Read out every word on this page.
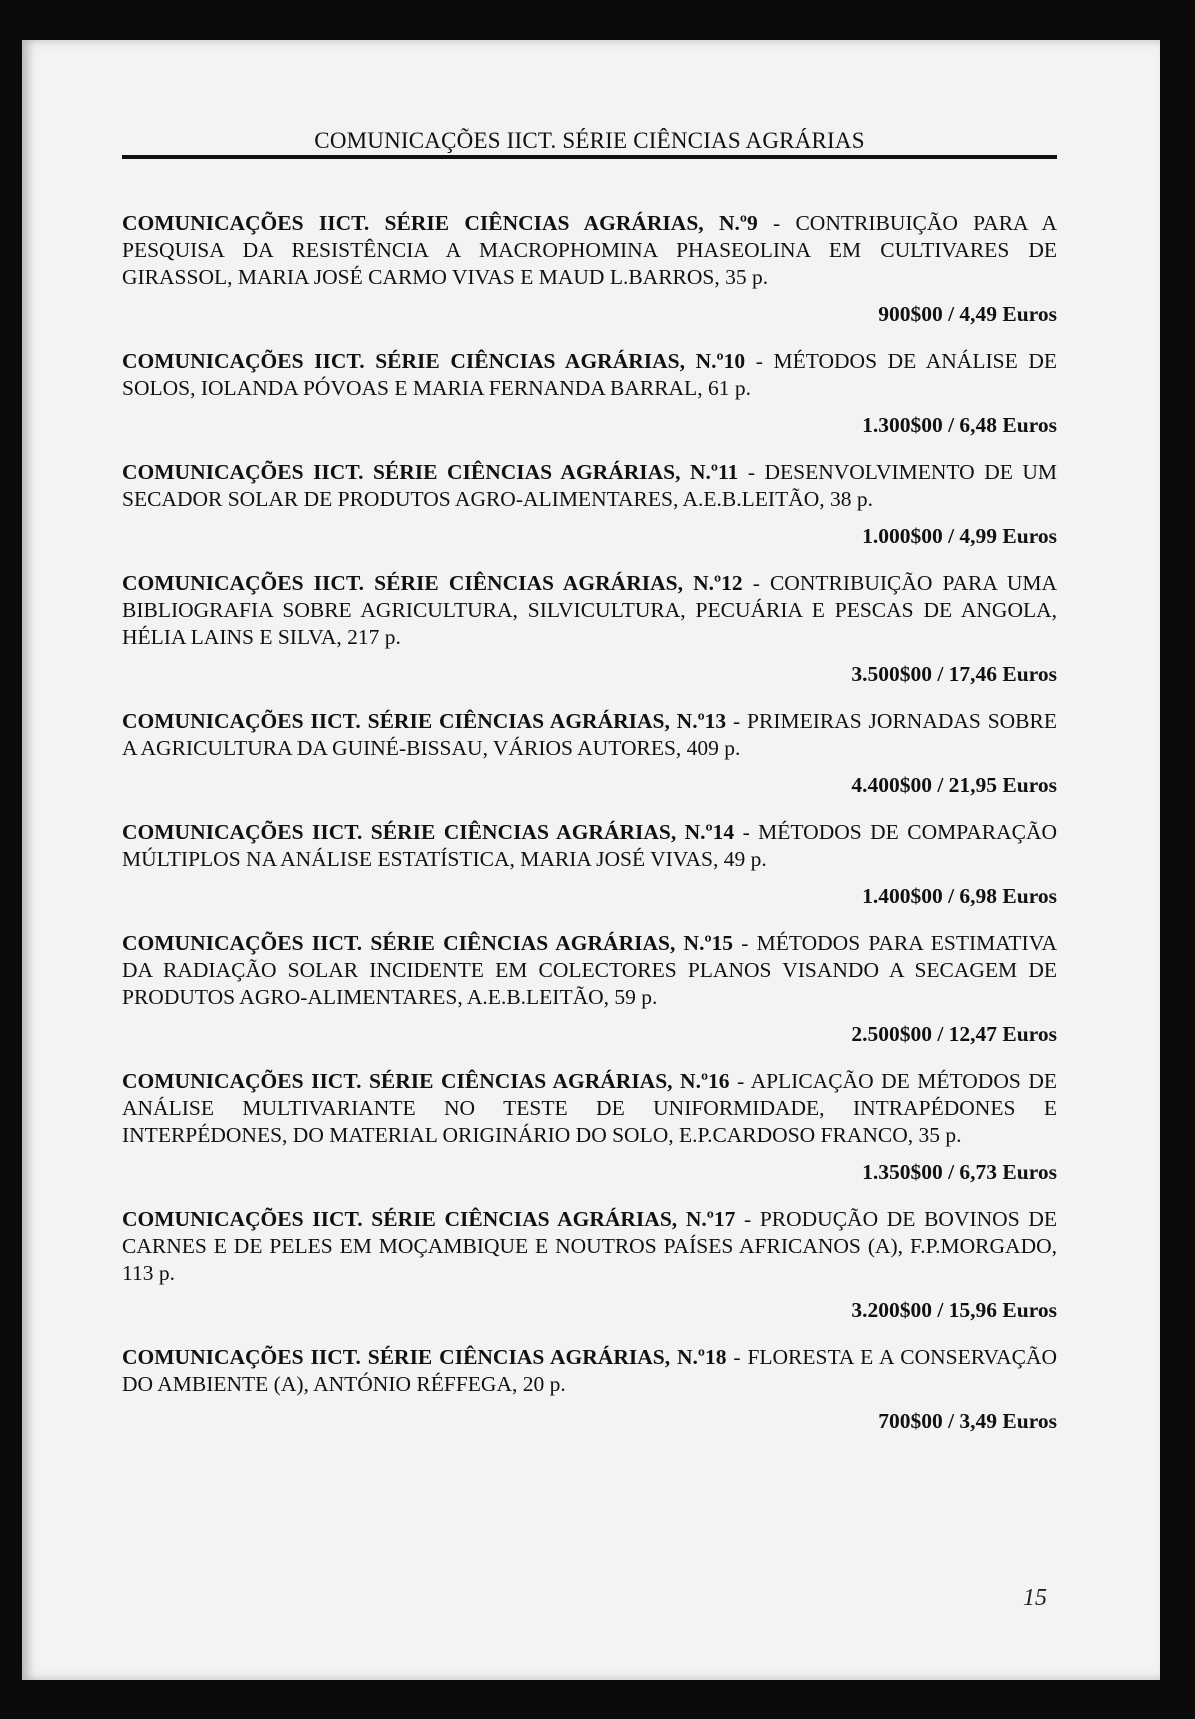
COMUNICAÇÕES IICT. SÉRIE CIÊNCIAS AGRÁRIAS

COMUNICAÇÕES IICT. SÉRIE CIÊNCIAS AGRÁRIAS, N.º9 - CONTRIBUIÇÃO PARA A PESQUISA DA RESISTÊNCIA A MACROPHOMINA PHASEOLINA EM CULTIVARES DE GIRASSOL, MARIA JOSÉ CARMO VIVAS E MAUD L.BARROS, 35 p.

900$00 / 4,49 Euros

COMUNICAÇÕES IICT. SÉRIE CIÊNCIAS AGRÁRIAS, N.º10 - MÉTODOS DE ANÁLISE DE SOLOS, IOLANDA PÓVOAS E MARIA FERNANDA BARRAL, 61 p.

1.300$00 / 6,48 Euros

COMUNICAÇÕES IICT. SÉRIE CIÊNCIAS AGRÁRIAS, N.º11 - DESENVOLVIMENTO DE UM SECADOR SOLAR DE PRODUTOS AGRO-ALIMENTARES, A.E.B.LEITÃO, 38 p.

1.000$00 / 4,99 Euros

COMUNICAÇÕES IICT. SÉRIE CIÊNCIAS AGRÁRIAS, N.º12 - CONTRIBUIÇÃO PARA UMA BIBLIOGRAFIA SOBRE AGRICULTURA, SILVICULTURA, PECUÁRIA E PESCAS DE ANGOLA, HÉLIA LAINS E SILVA, 217 p.

3.500$00 / 17,46 Euros

COMUNICAÇÕES IICT. SÉRIE CIÊNCIAS AGRÁRIAS, N.º13 - PRIMEIRAS JORNADAS SOBRE A AGRICULTURA DA GUINÉ-BISSAU, VÁRIOS AUTORES, 409 p.

4.400$00 / 21,95 Euros

COMUNICAÇÕES IICT. SÉRIE CIÊNCIAS AGRÁRIAS, N.º14 - MÉTODOS DE COMPARAÇÃO MÚLTIPLOS NA ANÁLISE ESTATÍSTICA, MARIA JOSÉ VIVAS, 49 p.

1.400$00 / 6,98 Euros

COMUNICAÇÕES IICT. SÉRIE CIÊNCIAS AGRÁRIAS, N.º15 - MÉTODOS PARA ESTIMATIVA DA RADIAÇÃO SOLAR INCIDENTE EM COLECTORES PLANOS VISANDO A SECAGEM DE PRODUTOS AGRO-ALIMENTARES, A.E.B.LEITÃO, 59 p.

2.500$00 / 12,47 Euros

COMUNICAÇÕES IICT. SÉRIE CIÊNCIAS AGRÁRIAS, N.º16 - APLICAÇÃO DE MÉTODOS DE ANÁLISE MULTIVARIANTE NO TESTE DE UNIFORMIDADE, INTRAPÉDONES E INTERPÉDONES, DO MATERIAL ORIGINÁRIO DO SOLO, E.P.CARDOSO FRANCO, 35 p.

1.350$00 / 6,73 Euros

COMUNICAÇÕES IICT. SÉRIE CIÊNCIAS AGRÁRIAS, N.º17 - PRODUÇÃO DE BOVINOS DE CARNES E DE PELES EM MOÇAMBIQUE E NOUTROS PAÍSES AFRICANOS (A), F.P.MORGADO, 113 p.

3.200$00 / 15,96 Euros

COMUNICAÇÕES IICT. SÉRIE CIÊNCIAS AGRÁRIAS, N.º18 - FLORESTA E A CONSERVAÇÃO DO AMBIENTE (A), ANTÓNIO RÉFFEGA, 20 p.

700$00 / 3,49 Euros
15
